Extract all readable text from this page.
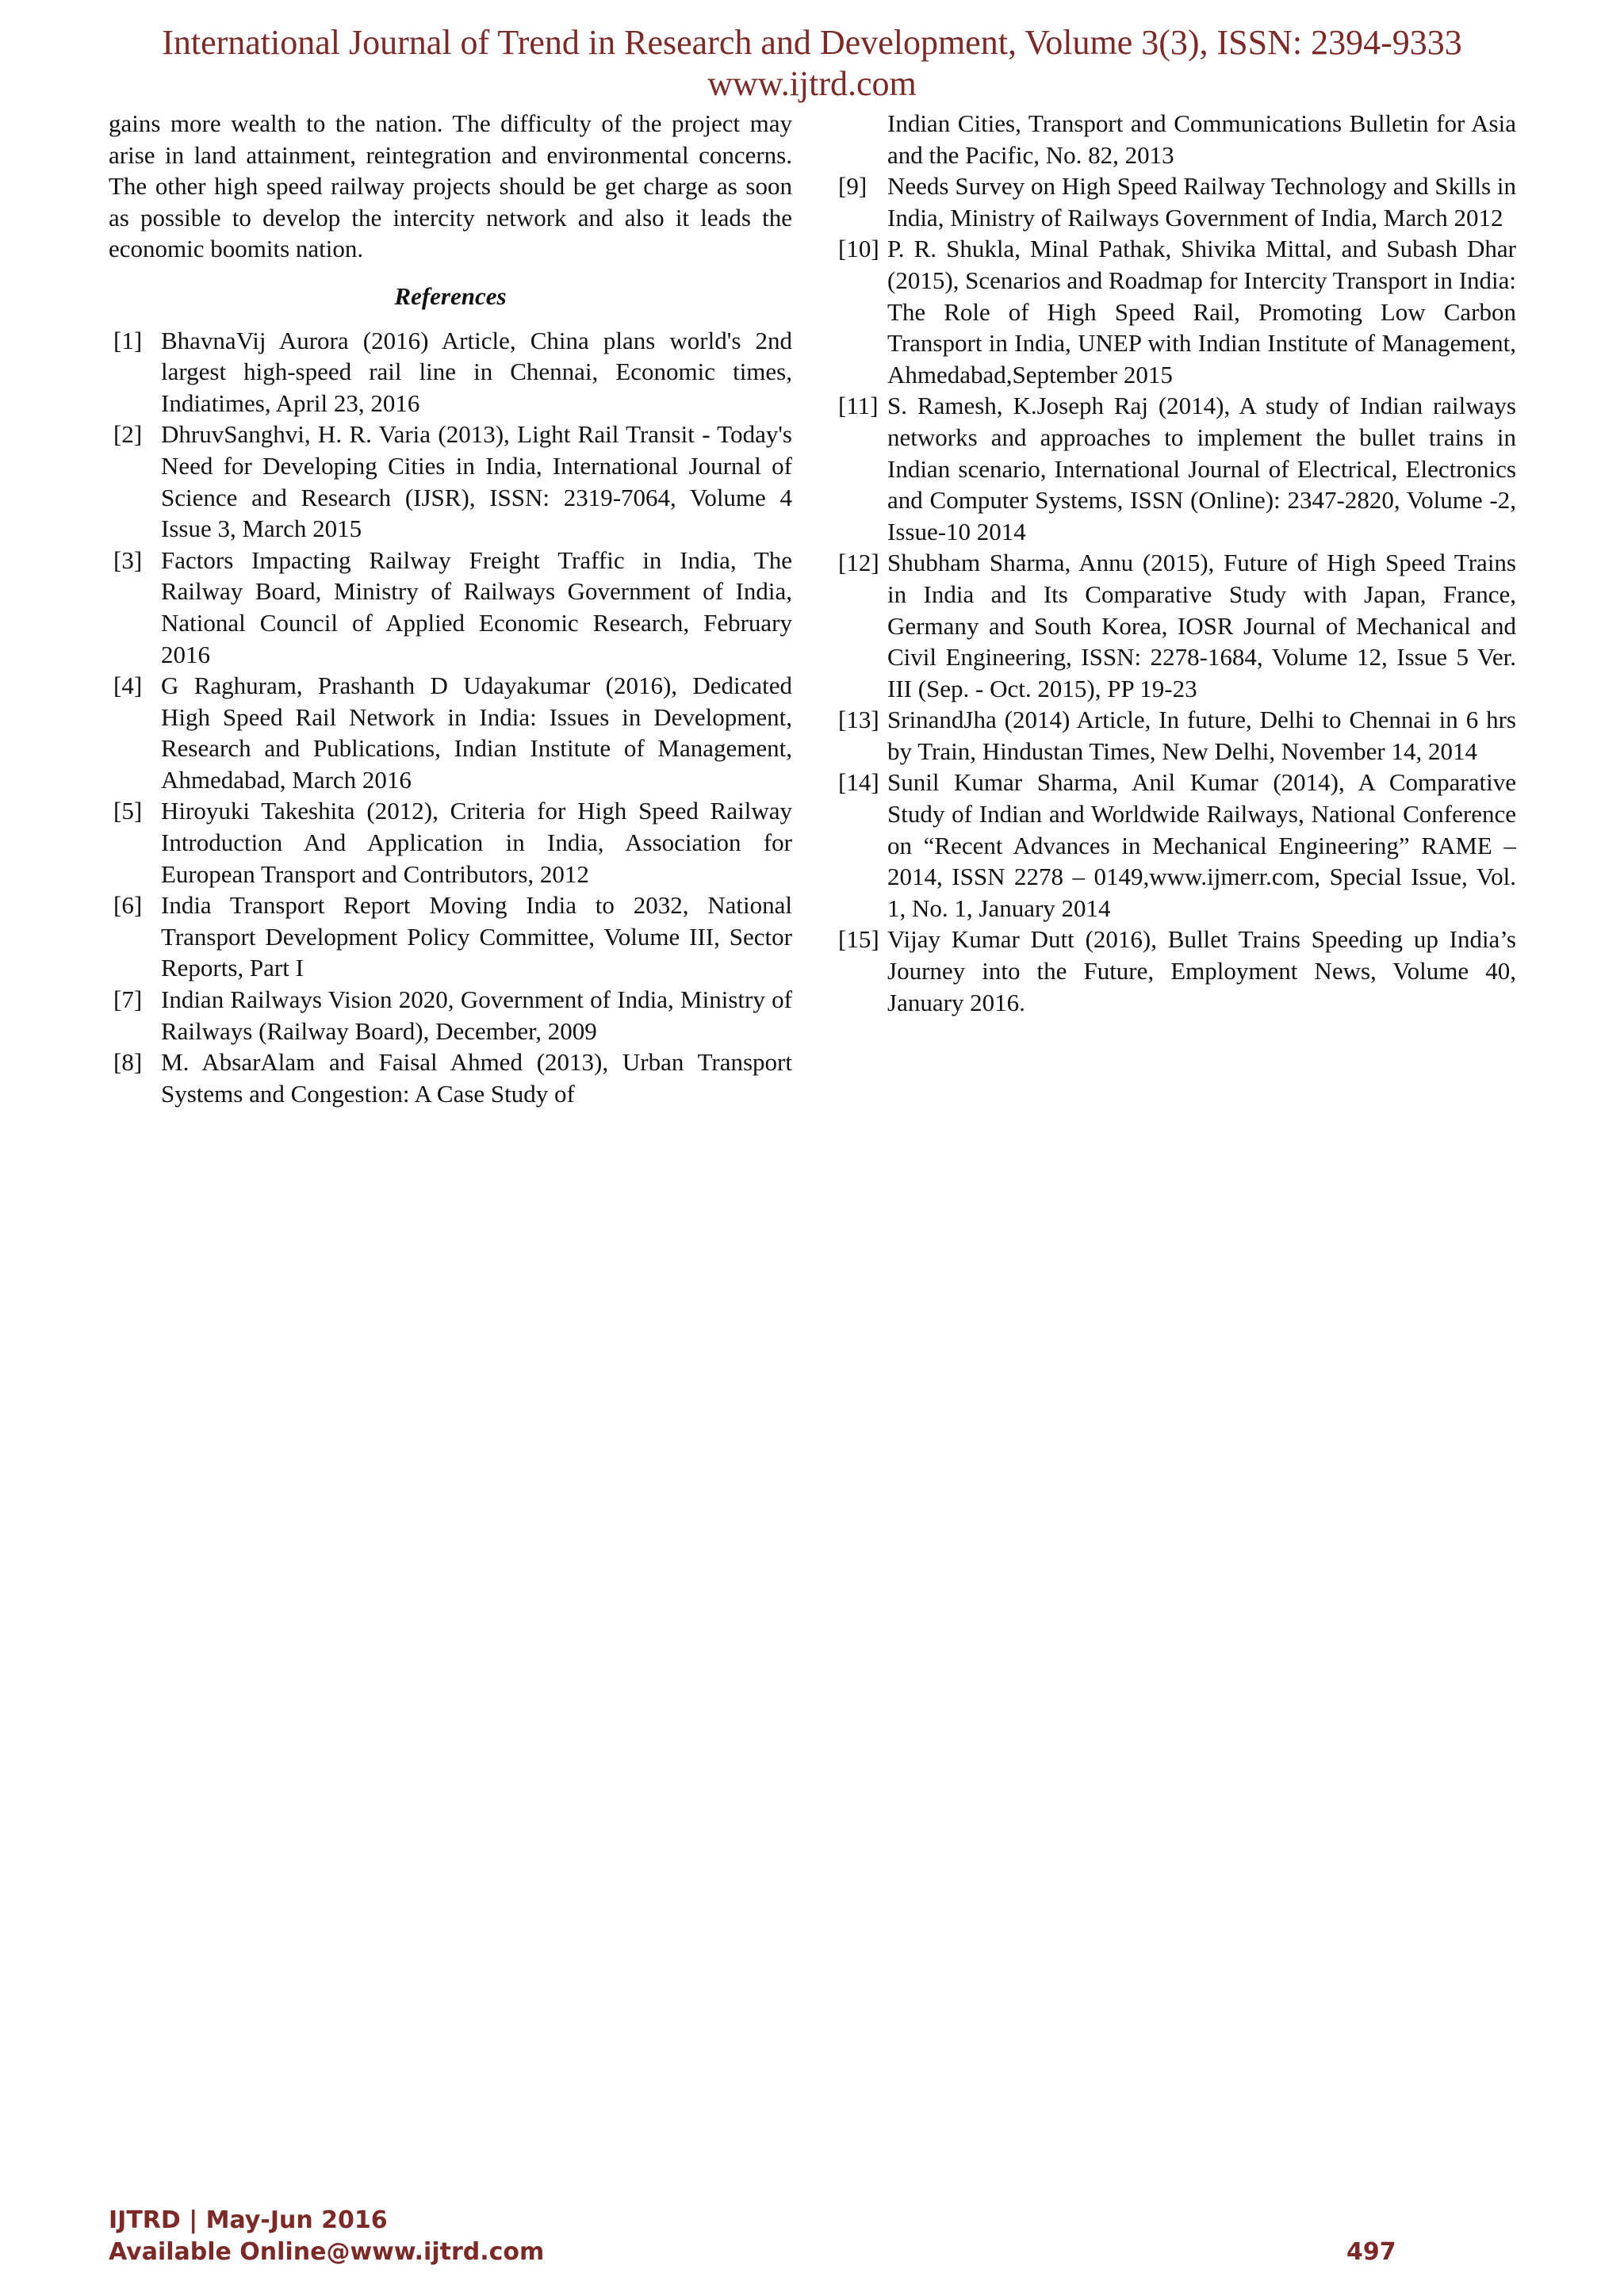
International Journal of Trend in Research and Development, Volume 3(3), ISSN: 2394-9333
www.ijtrd.com

gains more wealth to the nation. The difficulty of the project may arise in land attainment, reintegration and environmental concerns. The other high speed railway projects should be get charge as soon as possible to develop the intercity network and also it leads the economic boomits nation.

References
[1] BhavnaVij Aurora (2016) Article, China plans world's 2nd largest high-speed rail line in Chennai, Economic times, Indiatimes, April 23, 2016
[2] DhruvSanghvi, H. R. Varia (2013), Light Rail Transit - Today's Need for Developing Cities in India, International Journal of Science and Research (IJSR), ISSN: 2319-7064, Volume 4 Issue 3, March 2015
[3] Factors Impacting Railway Freight Traffic in India, The Railway Board, Ministry of Railways Government of India, National Council of Applied Economic Research, February 2016
[4] G Raghuram, Prashanth D Udayakumar (2016), Dedicated High Speed Rail Network in India: Issues in Development, Research and Publications, Indian Institute of Management, Ahmedabad, March 2016
[5] Hiroyuki Takeshita (2012), Criteria for High Speed Railway Introduction And Application in India, Association for European Transport and Contributors, 2012
[6] India Transport Report Moving India to 2032, National Transport Development Policy Committee, Volume III, Sector Reports, Part I
[7] Indian Railways Vision 2020, Government of India, Ministry of Railways (Railway Board), December, 2009
[8] M. AbsarAlam and Faisal Ahmed (2013), Urban Transport Systems and Congestion: A Case Study of
Indian Cities, Transport and Communications Bulletin for Asia and the Pacific, No. 82, 2013
[9] Needs Survey on High Speed Railway Technology and Skills in India, Ministry of Railways Government of India, March 2012
[10] P. R. Shukla, Minal Pathak, Shivika Mittal, and Subash Dhar (2015), Scenarios and Roadmap for Intercity Transport in India: The Role of High Speed Rail, Promoting Low Carbon Transport in India, UNEP with Indian Institute of Management, Ahmedabad,September 2015
[11] S. Ramesh, K.Joseph Raj (2014), A study of Indian railways networks and approaches to implement the bullet trains in Indian scenario, International Journal of Electrical, Electronics and Computer Systems, ISSN (Online): 2347-2820, Volume -2, Issue-10 2014
[12] Shubham Sharma, Annu (2015), Future of High Speed Trains in India and Its Comparative Study with Japan, France, Germany and South Korea, IOSR Journal of Mechanical and Civil Engineering, ISSN: 2278-1684, Volume 12, Issue 5 Ver. III (Sep. - Oct. 2015), PP 19-23
[13] SrinandJha (2014) Article, In future, Delhi to Chennai in 6 hrs by Train, Hindustan Times, New Delhi, November 14, 2014
[14] Sunil Kumar Sharma, Anil Kumar (2014), A Comparative Study of Indian and Worldwide Railways, National Conference on “Recent Advances in Mechanical Engineering” RAME – 2014, ISSN 2278 – 0149,www.ijmerr.com, Special Issue, Vol. 1, No. 1, January 2014
[15] Vijay Kumar Dutt (2016), Bullet Trains Speeding up India’s Journey into the Future, Employment News, Volume 40, January 2016.
IJTRD | May-Jun 2016
Available Online@www.ijtrd.com	497
